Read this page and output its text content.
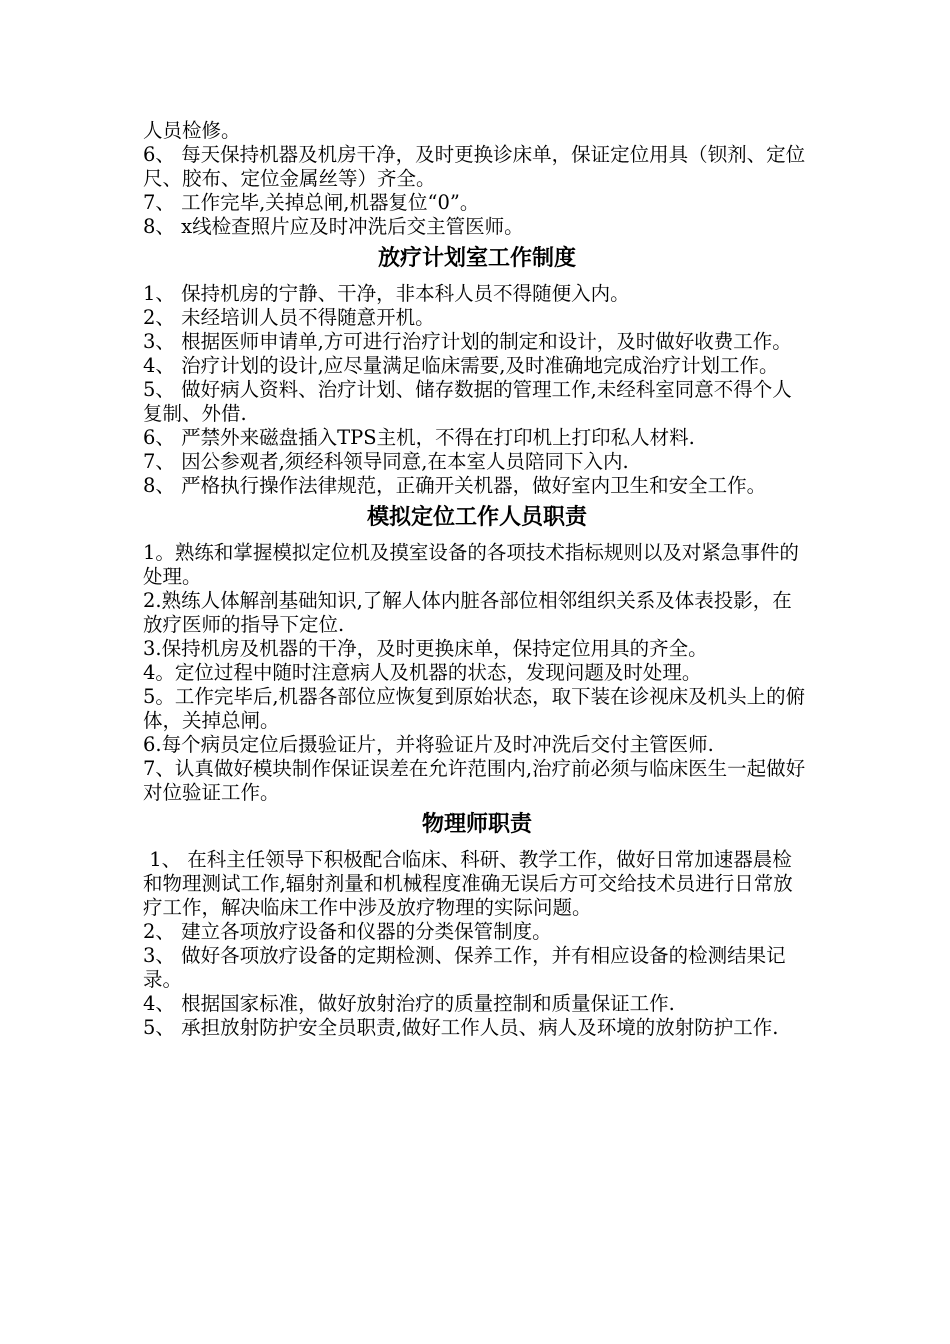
人员检修。

6、 每天保持机器及机房干净，及时更换诊床单，保证定位用具（钡剂、定位尺、胶布、定位金属丝等）齐全。

7、 工作完毕,关掉总闸,机器复位“0”。

8、 x线检查照片应及时冲洗后交主管医师。

放疗计划室工作制度

1、 保持机房的宁静、干净，非本科人员不得随便入内。

2、 未经培训人员不得随意开机。

3、 根据医师申请单,方可进行治疗计划的制定和设计，及时做好收费工作。

4、 治疗计划的设计,应尽量满足临床需要,及时准确地完成治疗计划工作。

5、 做好病人资料、治疗计划、储存数据的管理工作,未经科室同意不得个人复制、外借.

6、 严禁外来磁盘插入TPS主机，不得在打印机上打印私人材料.

7、 因公参观者,须经科领导同意,在本室人员陪同下入内.

8、 严格执行操作法律规范，正确开关机器，做好室内卫生和安全工作。

模拟定位工作人员职责

1。熟练和掌握模拟定位机及摸室设备的各项技术指标规则以及对紧急事件的处理。

2.熟练人体解剖基础知识,了解人体内脏各部位相邻组织关系及体表投影，在放疗医师的指导下定位.

3.保持机房及机器的干净，及时更换床单，保持定位用具的齐全。

4。定位过程中随时注意病人及机器的状态，发现问题及时处理。

5。工作完毕后,机器各部位应恢复到原始状态，取下装在诊视床及机头上的俯体，关掉总闸。

6.每个病员定位后摄验证片，并将验证片及时冲洗后交付主管医师.

7、认真做好模块制作保证误差在允许范围内,治疗前必须与临床医生一起做好对位验证工作。

物理师职责

1、 在科主任领导下积极配合临床、科研、教学工作，做好日常加速器晨检和物理测试工作,辐射剂量和机械程度准确无误后方可交给技术员进行日常放疗工作，解决临床工作中涉及放疗物理的实际问题。

2、 建立各项放疗设备和仪器的分类保管制度。

3、 做好各项放疗设备的定期检测、保养工作，并有相应设备的检测结果记录。

4、 根据国家标准，做好放射治疗的质量控制和质量保证工作.

5、 承担放射防护安全员职责,做好工作人员、病人及环境的放射防护工作.
